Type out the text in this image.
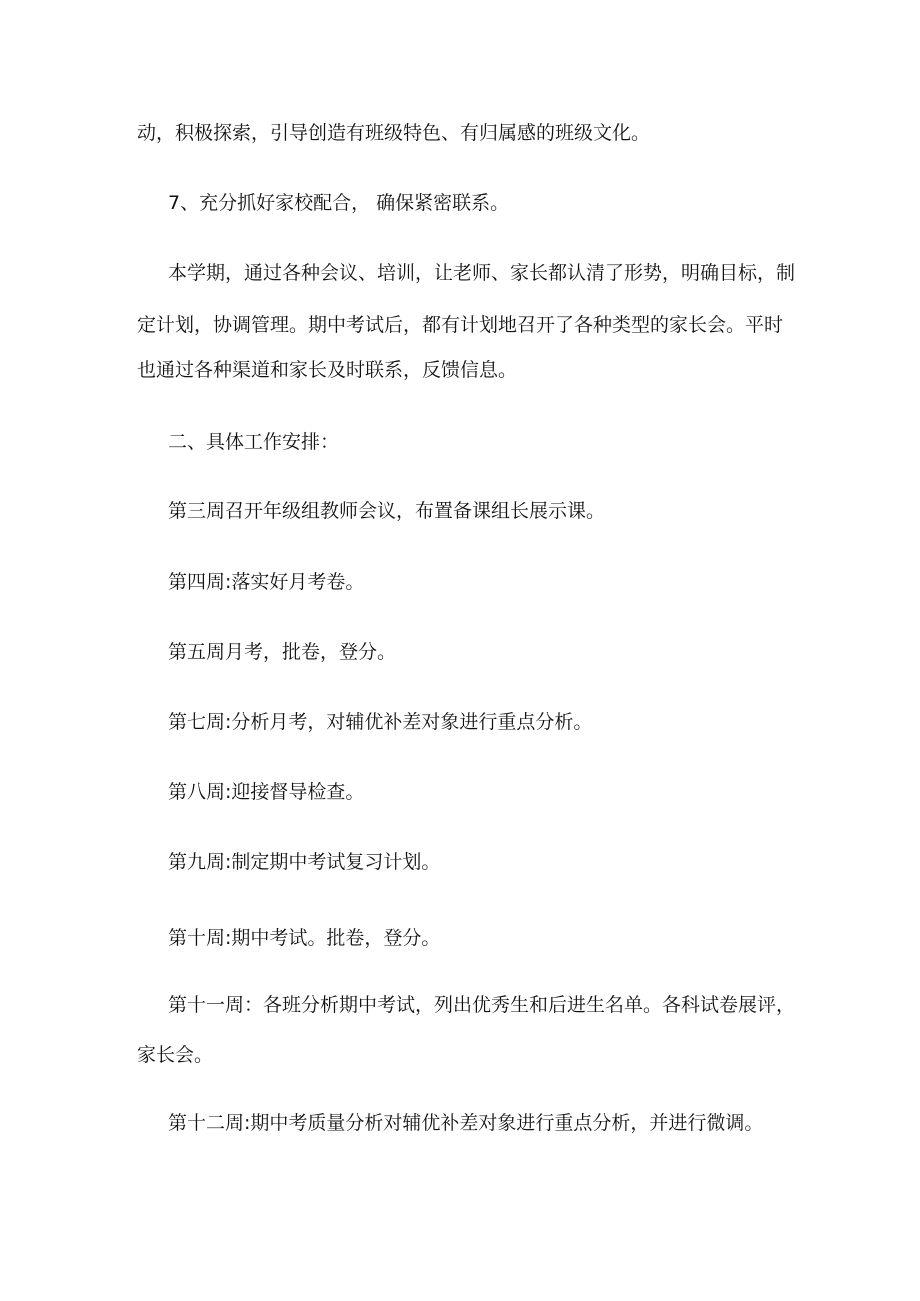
动，积极探索，引导创造有班级特色、有归属感的班级文化。

7、充分抓好家校配合， 确保紧密联系。

本学期，通过各种会议、培训，让老师、家长都认清了形势，明确目标，制

定计划，协调管理。期中考试后，都有计划地召开了各种类型的家长会。平时

也通过各种渠道和家长及时联系，反馈信息。

二、具体工作安排：

第三周召开年级组教师会议，布置备课组长展示课。

第四周:落实好月考卷。

第五周月考，批卷，登分。

第七周:分析月考，对辅优补差对象进行重点分析。

第八周:迎接督导检查。

第九周:制定期中考试复习计划。

第十周:期中考试。批卷，登分。

第十一周：各班分析期中考试，列出优秀生和后进生名单。各科试卷展评，

家长会。

第十二周:期中考质量分析对辅优补差对象进行重点分析，并进行微调。
